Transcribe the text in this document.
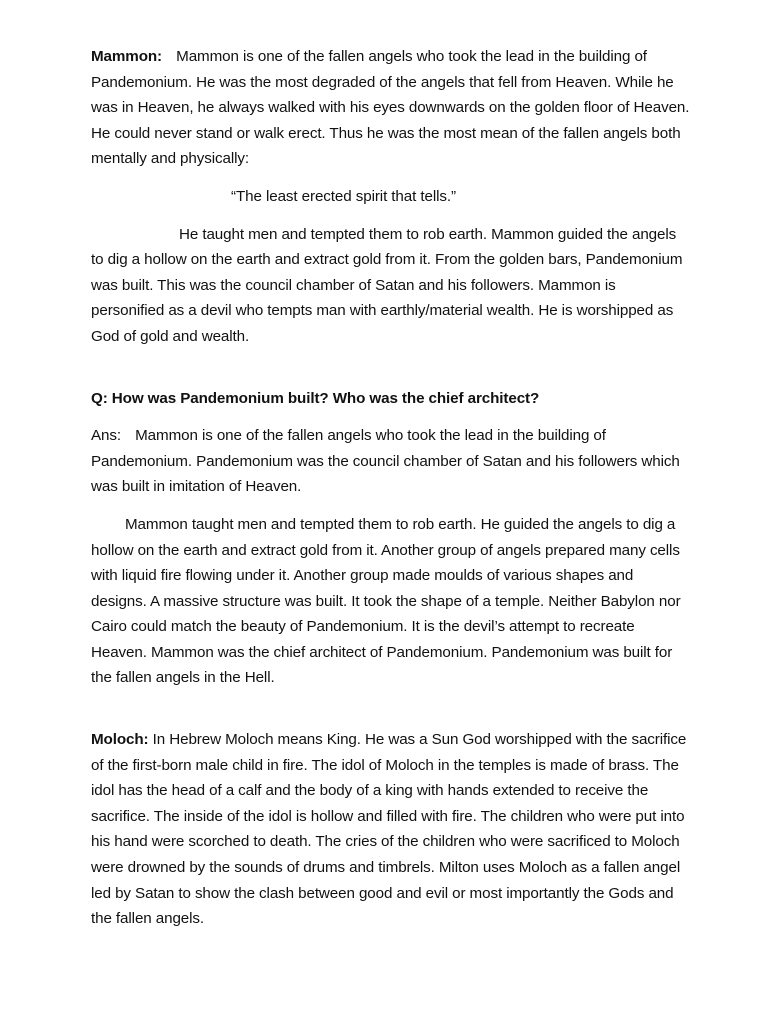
Mammon: Mammon is one of the fallen angels who took the lead in the building of Pandemonium. He was the most degraded of the angels that fell from Heaven. While he was in Heaven, he always walked with his eyes downwards on the golden floor of Heaven. He could never stand or walk erect. Thus he was the most mean of the fallen angels both mentally and physically:

“The least erected spirit that tells.”

He taught men and tempted them to rob earth. Mammon guided the angels to dig a hollow on the earth and extract gold from it. From the golden bars, Pandemonium was built. This was the council chamber of Satan and his followers. Mammon is personified as a devil who tempts man with earthly/material wealth. He is worshipped as God of gold and wealth.

Q: How was Pandemonium built? Who was the chief architect?

Ans: Mammon is one of the fallen angels who took the lead in the building of Pandemonium. Pandemonium was the council chamber of Satan and his followers which was built in imitation of Heaven.

Mammon taught men and tempted them to rob earth. He guided the angels to dig a hollow on the earth and extract gold from it. Another group of angels prepared many cells with liquid fire flowing under it. Another group made moulds of various shapes and designs. A massive structure was built. It took the shape of a temple. Neither Babylon nor Cairo could match the beauty of Pandemonium. It is the devil’s attempt to recreate Heaven. Mammon was the chief architect of Pandemonium. Pandemonium was built for the fallen angels in the Hell.

Moloch: In Hebrew Moloch means King. He was a Sun God worshipped with the sacrifice of the first-born male child in fire. The idol of Moloch in the temples is made of brass. The idol has the head of a calf and the body of a king with hands extended to receive the sacrifice. The inside of the idol is hollow and filled with fire. The children who were put into his hand were scorched to death. The cries of the children who were sacrificed to Moloch were drowned by the sounds of drums and timbrels. Milton uses Moloch as a fallen angel led by Satan to show the clash between good and evil or most importantly the Gods and the fallen angels.
